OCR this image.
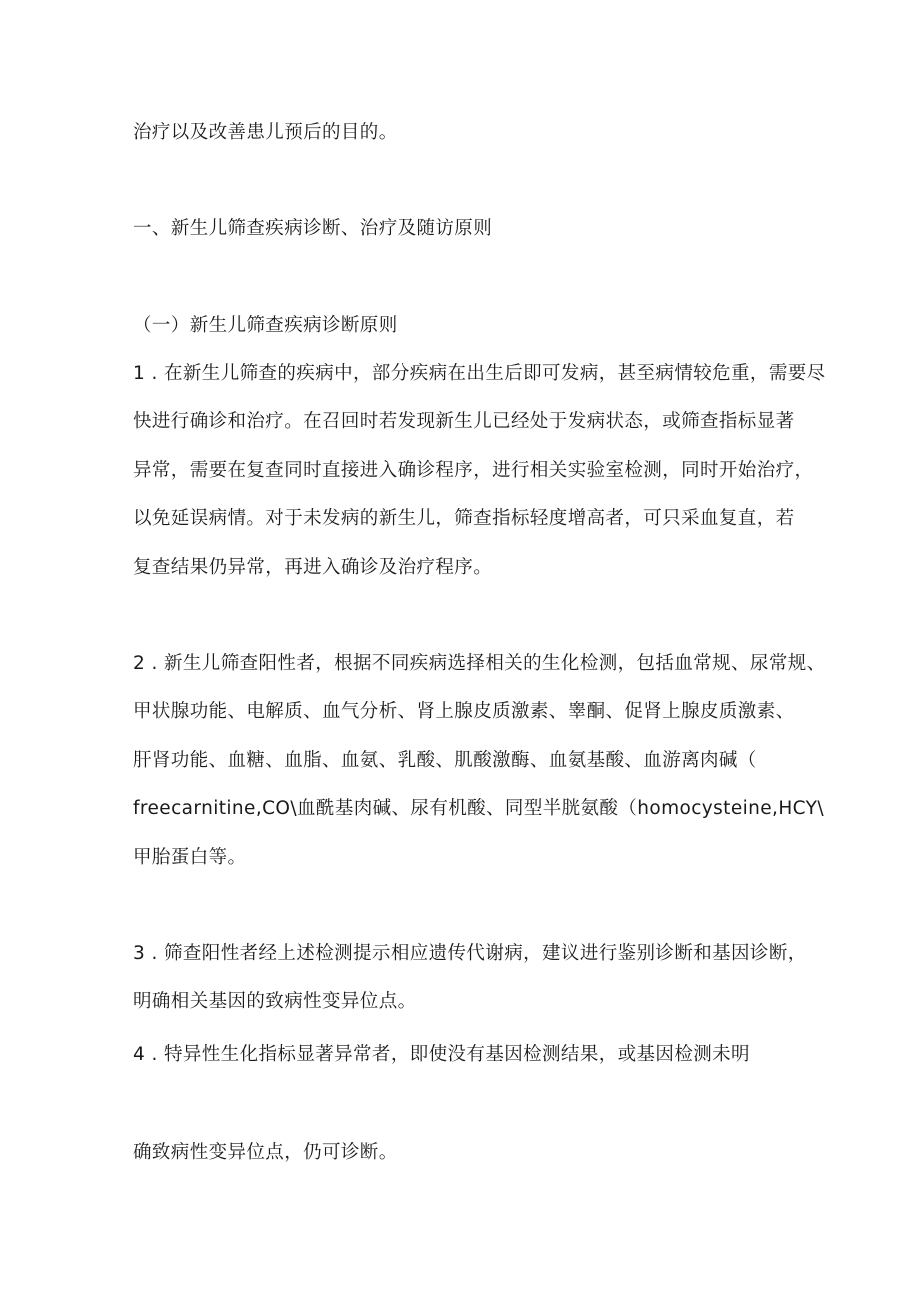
治疗以及改善患儿预后的目的。
一、新生儿筛查疾病诊断、治疗及随访原则
（一）新生儿筛查疾病诊断原则
1 . 在新生儿筛查的疾病中，部分疾病在出生后即可发病，甚至病情较危重，需要尽
快进行确诊和治疗。在召回时若发现新生儿已经处于发病状态，或筛查指标显著
异常，需要在复查同时直接进入确诊程序，进行相关实验室检测，同时开始治疗，
以免延误病情。对于未发病的新生儿，筛查指标轻度增高者，可只采血复直，若
复查结果仍异常，再进入确诊及治疗程序。
2 . 新生儿筛查阳性者，根据不同疾病选择相关的生化检测，包括血常规、尿常规、
甲状腺功能、电解质、血气分析、肾上腺皮质激素、睾酮、促肾上腺皮质激素、
肝肾功能、血糖、血脂、血氨、乳酸、肌酸激酶、血氨基酸、血游离肉碱（
freecarnitine,CO\血酰基肉碱、尿有机酸、同型半胱氨酸（homocysteine,HCY\
甲胎蛋白等。
3 . 筛查阳性者经上述检测提示相应遗传代谢病，建议进行鉴别诊断和基因诊断，
明确相关基因的致病性变异位点。
4 . 特异性生化指标显著异常者，即使没有基因检测结果，或基因检测未明
确致病性变异位点，仍可诊断。
